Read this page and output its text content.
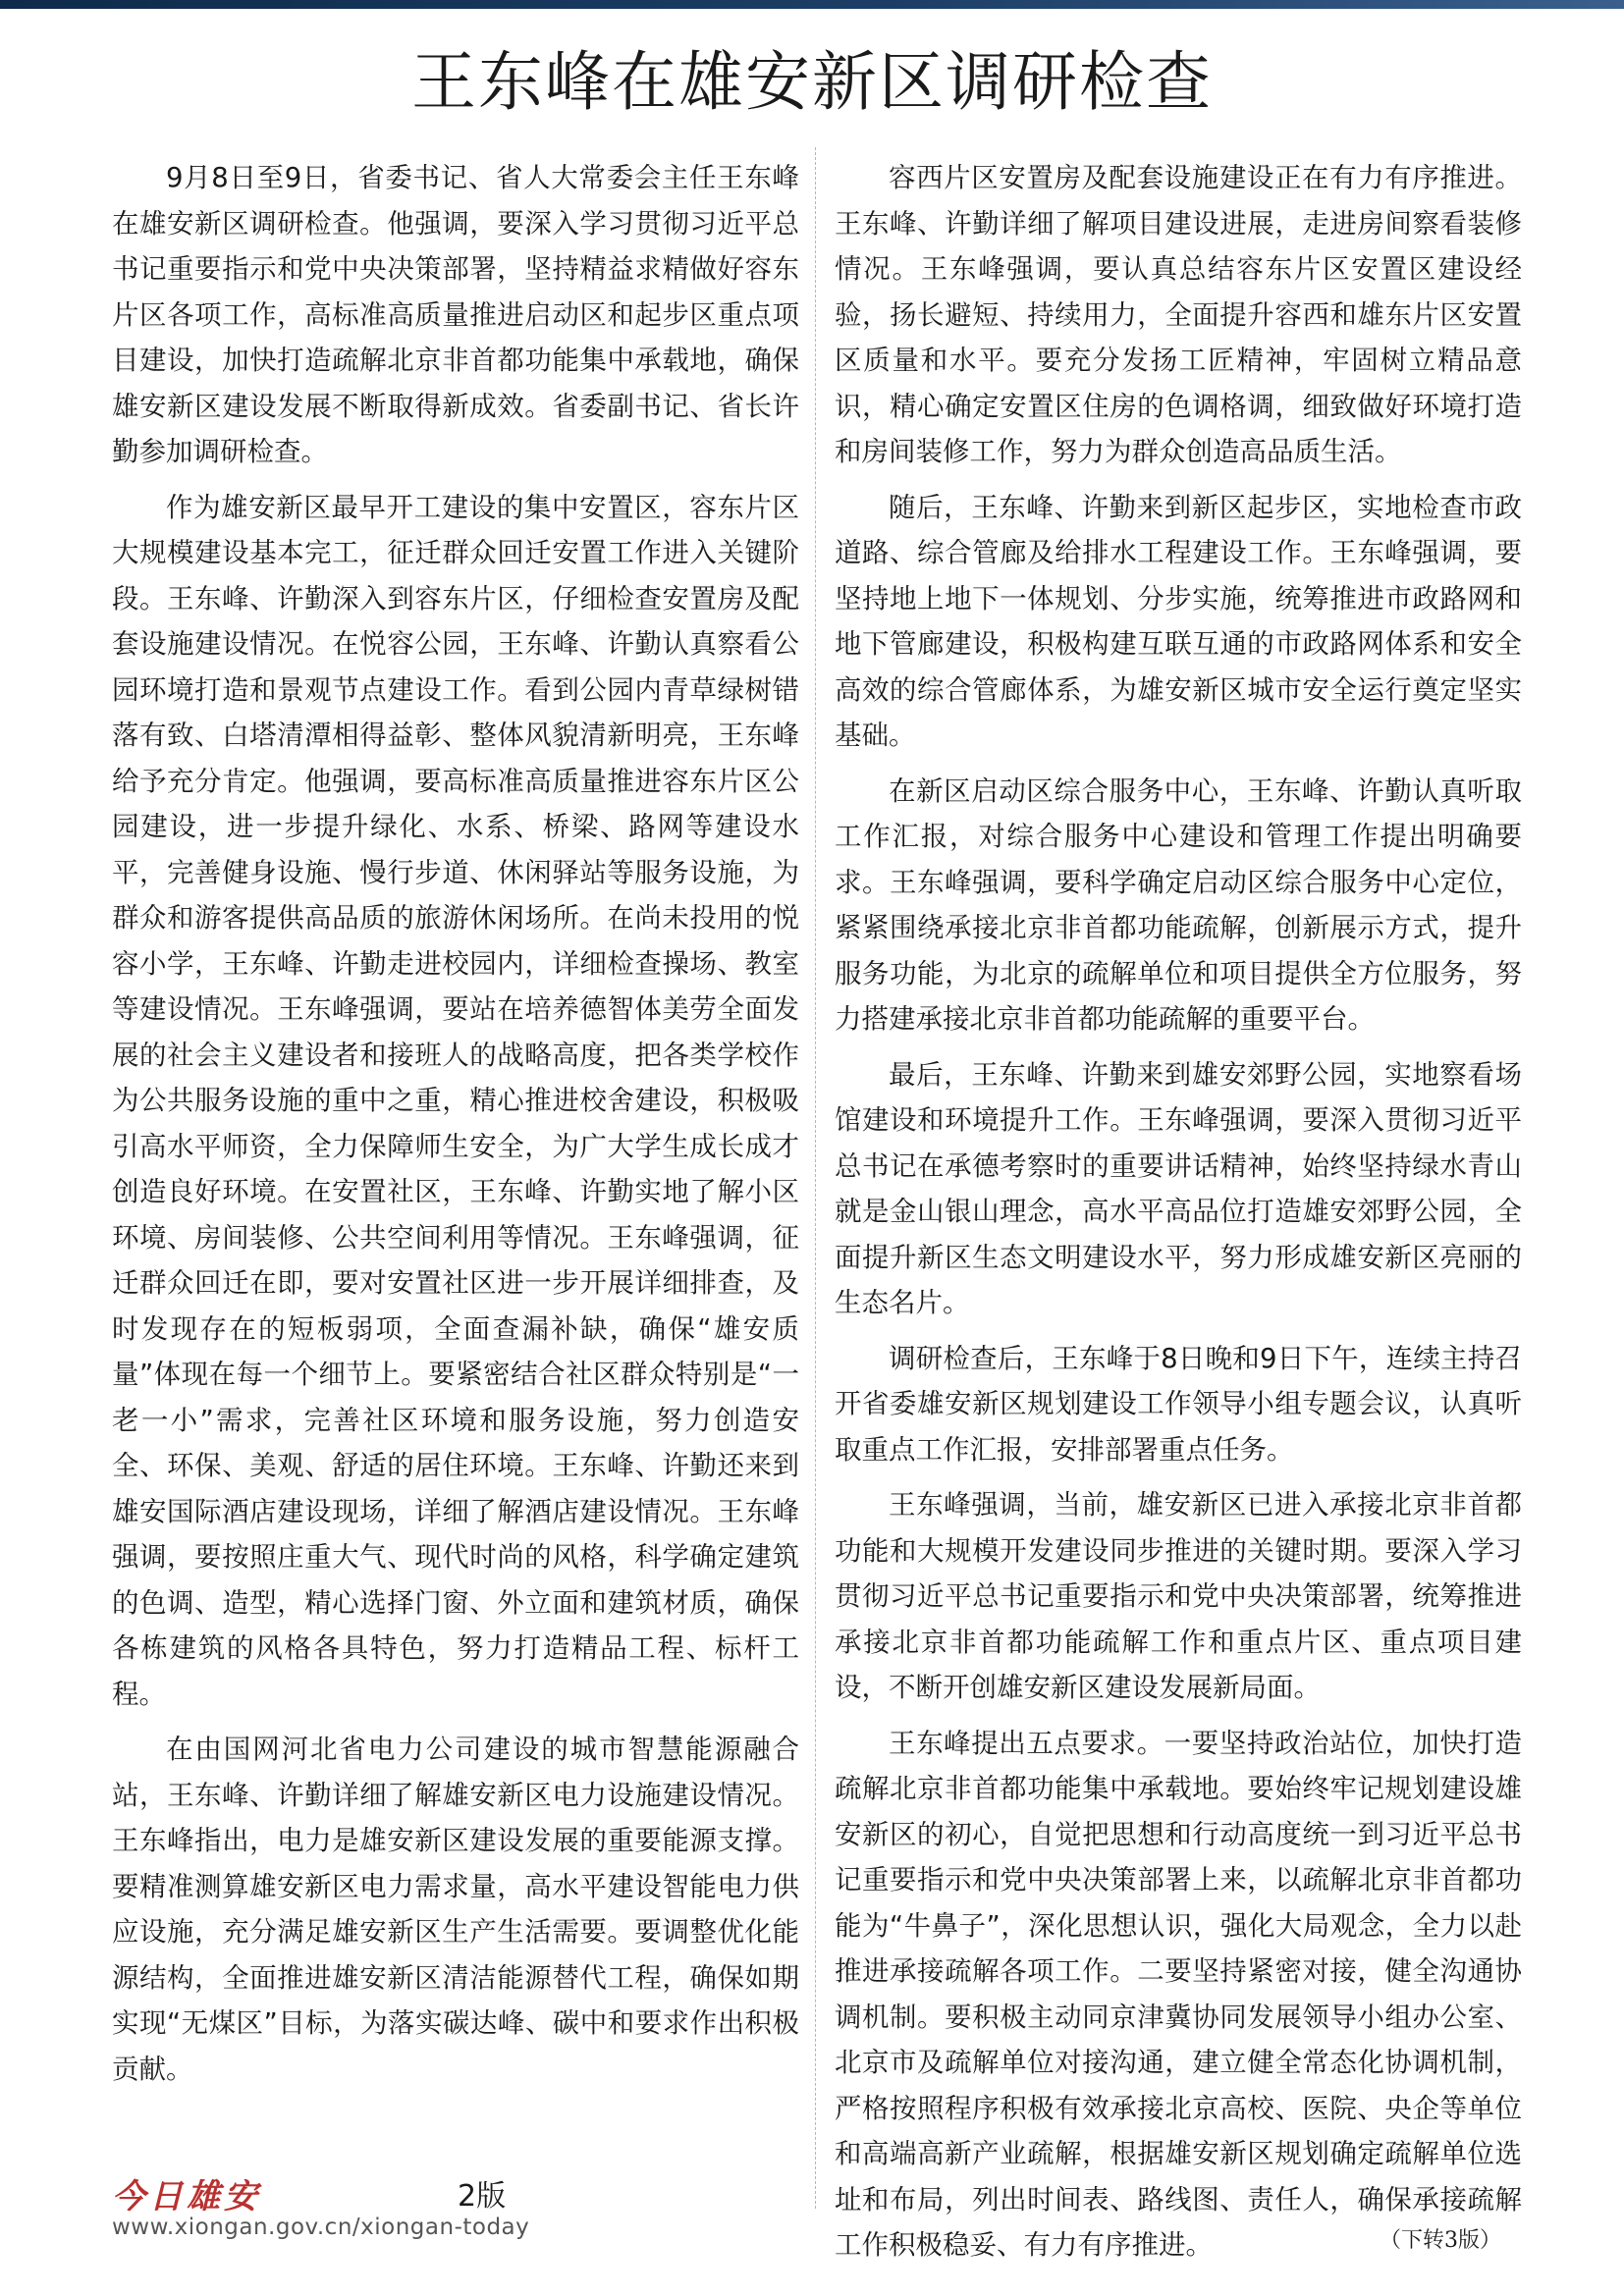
王东峰在雄安新区调研检查

9月8日至9日，省委书记、省人大常委会主任王东峰在雄安新区调研检查。他强调，要深入学习贯彻习近平总书记重要指示和党中央决策部署，坚持精益求精做好容东片区各项工作，高标准高质量推进启动区和起步区重点项目建设，加快打造疏解北京非首都功能集中承载地，确保雄安新区建设发展不断取得新成效。省委副书记、省长许勤参加调研检查。

作为雄安新区最早开工建设的集中安置区，容东片区大规模建设基本完工，征迁群众回迁安置工作进入关键阶段。王东峰、许勤深入到容东片区，仔细检查安置房及配套设施建设情况。在悦容公园，王东峰、许勤认真察看公园环境打造和景观节点建设工作。看到公园内青草绿树错落有致、白塔清潭相得益彰、整体风貌清新明亮，王东峰给予充分肯定。他强调，要高标准高质量推进容东片区公园建设，进一步提升绿化、水系、桥梁、路网等建设水平，完善健身设施、慢行步道、休闲驿站等服务设施，为群众和游客提供高品质的旅游休闲场所。在尚未投用的悦容小学，王东峰、许勤走进校园内，详细检查操场、教室等建设情况。王东峰强调，要站在培养德智体美劳全面发展的社会主义建设者和接班人的战略高度，把各类学校作为公共服务设施的重中之重，精心推进校舍建设，积极吸引高水平师资，全力保障师生安全，为广大学生成长成才创造良好环境。在安置社区，王东峰、许勤实地了解小区环境、房间装修、公共空间利用等情况。王东峰强调，征迁群众回迁在即，要对安置社区进一步开展详细排查，及时发现存在的短板弱项，全面查漏补缺，确保“雄安质量”体现在每一个细节上。要紧密结合社区群众特别是“一老一小”需求，完善社区环境和服务设施，努力创造安全、环保、美观、舒适的居住环境。王东峰、许勤还来到雄安国际酒店建设现场，详细了解酒店建设情况。王东峰强调，要按照庄重大气、现代时尚的风格，科学确定建筑的色调、造型，精心选择门窗、外立面和建筑材质，确保各栋建筑的风格各具特色，努力打造精品工程、标杆工程。

在由国网河北省电力公司建设的城市智慧能源融合站，王东峰、许勤详细了解雄安新区电力设施建设情况。王东峰指出，电力是雄安新区建设发展的重要能源支撑。要精准测算雄安新区电力需求量，高水平建设智能电力供应设施，充分满足雄安新区生产生活需要。要调整优化能源结构，全面推进雄安新区清洁能源替代工程，确保如期实现“无煤区”目标，为落实碳达峰、碳中和要求作出积极贡献。

容西片区安置房及配套设施建设正在有力有序推进。王东峰、许勤详细了解项目建设进展，走进房间察看装修情况。王东峰强调，要认真总结容东片区安置区建设经验，扬长避短、持续用力，全面提升容西和雄东片区安置区质量和水平。要充分发扬工匠精神，牢固树立精品意识，精心确定安置区住房的色调格调，细致做好环境打造和房间装修工作，努力为群众创造高品质生活。

随后，王东峰、许勤来到新区起步区，实地检查市政道路、综合管廊及给排水工程建设工作。王东峰强调，要坚持地上地下一体规划、分步实施，统筹推进市政路网和地下管廊建设，积极构建互联互通的市政路网体系和安全高效的综合管廊体系，为雄安新区城市安全运行奠定坚实基础。

在新区启动区综合服务中心，王东峰、许勤认真听取工作汇报，对综合服务中心建设和管理工作提出明确要求。王东峰强调，要科学确定启动区综合服务中心定位，紧紧围绕承接北京非首都功能疏解，创新展示方式，提升服务功能，为北京的疏解单位和项目提供全方位服务，努力搭建承接北京非首都功能疏解的重要平台。

最后，王东峰、许勤来到雄安郊野公园，实地察看场馆建设和环境提升工作。王东峰强调，要深入贯彻习近平总书记在承德考察时的重要讲话精神，始终坚持绿水青山就是金山银山理念，高水平高品位打造雄安郊野公园，全面提升新区生态文明建设水平，努力形成雄安新区亮丽的生态名片。

调研检查后，王东峰于8日晚和9日下午，连续主持召开省委雄安新区规划建设工作领导小组专题会议，认真听取重点工作汇报，安排部署重点任务。

王东峰强调，当前，雄安新区已进入承接北京非首都功能和大规模开发建设同步推进的关键时期。要深入学习贯彻习近平总书记重要指示和党中央决策部署，统筹推进承接北京非首都功能疏解工作和重点片区、重点项目建设，不断开创雄安新区建设发展新局面。

王东峰提出五点要求。一要坚持政治站位，加快打造疏解北京非首都功能集中承载地。要始终牢记规划建设雄安新区的初心，自觉把思想和行动高度统一到习近平总书记重要指示和党中央决策部署上来，以疏解北京非首都功能为“牛鼻子”，深化思想认识，强化大局观念，全力以赴推进承接疏解各项工作。二要坚持紧密对接，健全沟通协调机制。要积极主动同京津冀协同发展领导小组办公室、北京市及疏解单位对接沟通，建立健全常态化协调机制，严格按照程序积极有效承接北京高校、医院、央企等单位和高端高新产业疏解，根据雄安新区规划确定疏解单位选址和布局，列出时间表、路线图、责任人，确保承接疏解工作积极稳妥、有力有序推进。

今日雄安	2版
www.xiongan.gov.cn/xiongan-today
（下转3版）
